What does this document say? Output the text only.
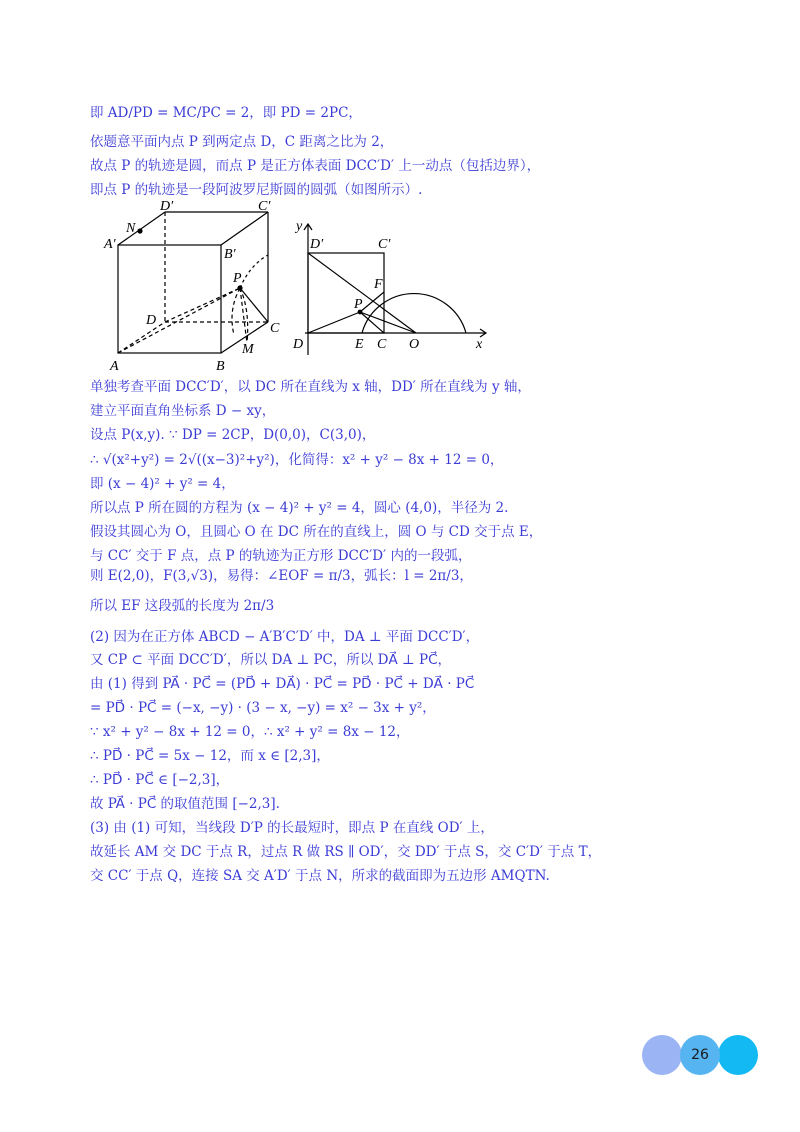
即 AD/PD = MC/PC = 2，即 PD = 2PC，
依题意平面内点 P 到两定点 D，C 距离之比为 2，
故点 P 的轨迹是圆，而点 P 是正方体表面 DCC′D′ 上一动点（包括边界），
即点 P 的轨迹是一段阿波罗尼斯圆的圆弧（如图所示）.
N
D′	C′
A′
B′
P
D
C
M
A	B
y
D′	C′
F
P
D	E C O	x
单独考查平面 DCC′D′，以 DC 所在直线为 x 轴，DD′ 所在直线为 y 轴，
建立平面直角坐标系 D − xy，
设点 P(x,y). ∵ DP = 2CP，D(0,0)，C(3,0)，
∴ √(x²+y²) = 2√((x−3)²+y²)，化简得：x² + y² − 8x + 12 = 0，
即 (x − 4)² + y² = 4，
所以点 P 所在圆的方程为 (x − 4)² + y² = 4，圆心 (4,0)，半径为 2.
假设其圆心为 O，且圆心 O 在 DC 所在的直线上，圆 O 与 CD 交于点 E，
与 CC′ 交于 F 点，点 P 的轨迹为正方形 DCC′D′ 内的一段弧，
则 E(2,0)，F(3,√3)，易得：∠EOF = π/3，弧长：l = 2π/3，
所以 EF 这段弧的长度为 2π/3
(2) 因为在正方体 ABCD − A′B′C′D′ 中，DA ⊥ 平面 DCC′D′，
又 CP ⊂ 平面 DCC′D′，所以 DA ⊥ PC，所以 DA⃗ ⊥ PC⃗，
由 (1) 得到 PA⃗ · PC⃗ = (PD⃗ + DA⃗) · PC⃗ = PD⃗ · PC⃗ + DA⃗ · PC⃗
= PD⃗ · PC⃗ = (−x, −y) · (3 − x, −y) = x² − 3x + y²，
∵ x² + y² − 8x + 12 = 0，∴ x² + y² = 8x − 12，
∴ PD⃗ · PC⃗ = 5x − 12，而 x ∈ [2,3]，
∴ PD⃗ · PC⃗ ∈ [−2,3]，
故 PA⃗ · PC⃗ 的取值范围 [−2,3].
(3) 由 (1) 可知，当线段 D′P 的长最短时，即点 P 在直线 OD′ 上，
故延长 AM 交 DC 于点 R，过点 R 做 RS ∥ OD′，交 DD′ 于点 S，交 C′D′ 于点 T，
交 CC′ 于点 Q，连接 SA 交 A′D′ 于点 N，所求的截面即为五边形 AMQTN.
26
